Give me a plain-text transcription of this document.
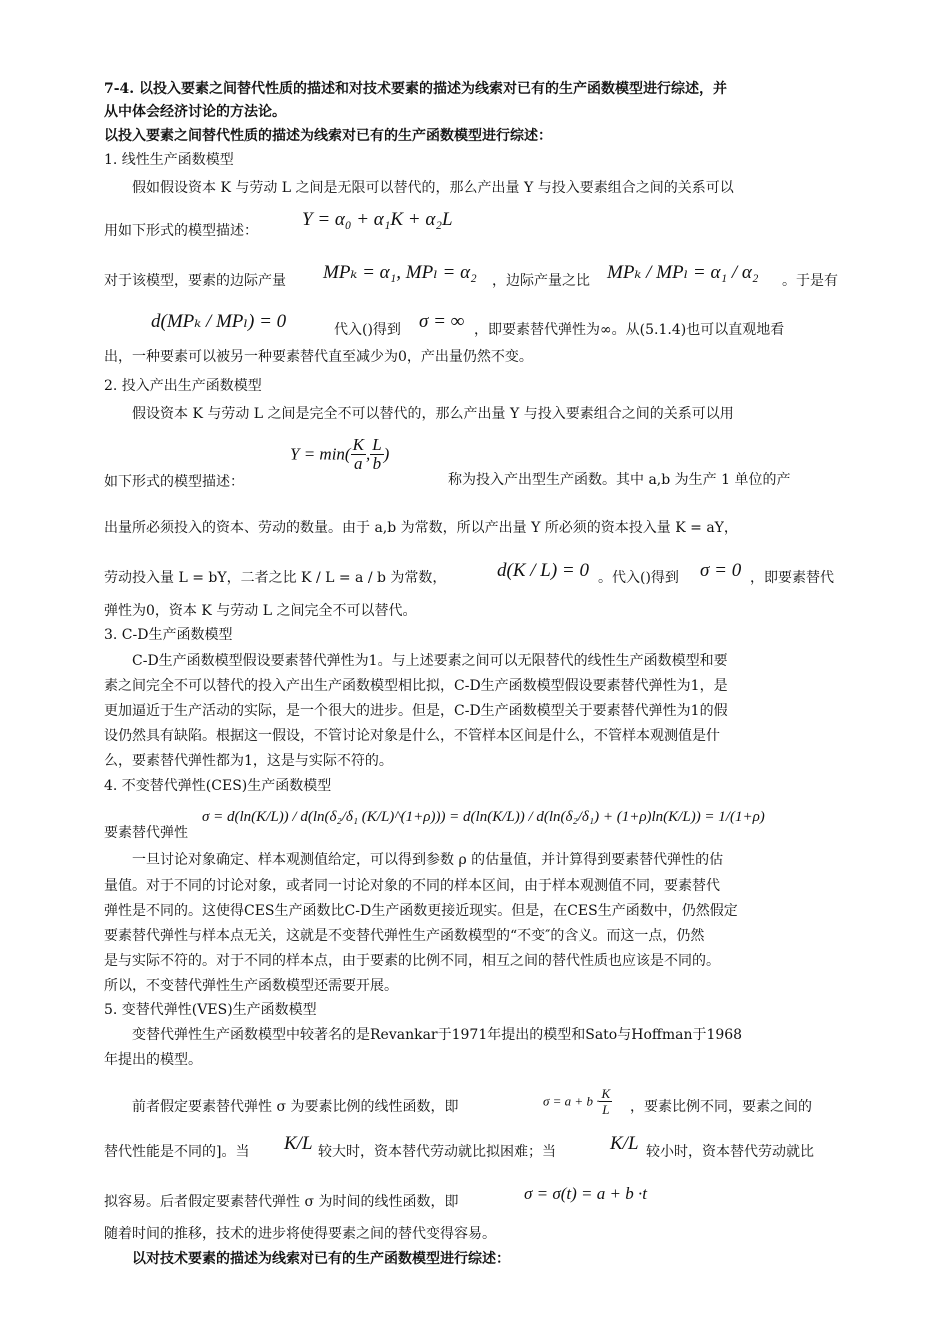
7-4. 以投入要素之间替代性质的描述和对技术要素的描述为线索对已有的生产函数模型进行综述，并
从中体会经济讨论的方法论。
以投入要素之间替代性质的描述为线索对已有的生产函数模型进行综述：
1. 线性生产函数模型
假如假设资本 K 与劳动 L 之间是无限可以替代的，那么产出量 Y 与投入要素组合之间的关系可以
用如下形式的模型描述：
Y = α₀ + α₁K + α₂L
对于该模型，要素的边际产量 MPₖ = α₁, MPₗ = α₂ ，边际产量之比 MPₖ / MPₗ = α₁ / α₂ 。于是有
d(MPₖ / MPₗ) = 0	代入()得到 σ = ∞ ，即要素替代弹性为∞。从(5.1.4)也可以直观地看
出，一种要素可以被另一种要素替代直至减少为0，产出量仍然不变。
2. 投入产出生产函数模型
假设资本 K 与劳动 L 之间是完全不可以替代的，那么产出量 Y 与投入要素组合之间的关系可以用
$Y = \min( \frac{K}{a}$ , $\frac{L}{b}$ )
如下形式的模型描述：	称为投入产出型生产函数。其中 a,b 为生产 1 单位的产
出量所必须投入的资本、劳动的数量。由于 a,b 为常数，所以产出量 Y 所必须的资本投入量 K = aY，
劳动投入量 L = bY，二者之比 K / L = a / b 为常数，	d(K / L) = 0 。代入()得到 σ = 0 ，即要素替代
弹性为0，资本 K 与劳动 L 之间完全不可以替代。
3. C-D生产函数模型
C-D生产函数模型假设要素替代弹性为1。与上述要素之间可以无限替代的线性生产函数模型和要
素之间完全不可以替代的投入产出生产函数模型相比拟，C-D生产函数模型假设要素替代弹性为1，是
更加逼近于生产活动的实际，是一个很大的进步。但是，C-D生产函数模型关于要素替代弹性为1的假
设仍然具有缺陷。根据这一假设，不管讨论对象是什么，不管样本区间是什么，不管样本观测值是什
么，要素替代弹性都为1，这是与实际不符的。
4. 不变替代弹性(CES)生产函数模型
要素替代弹性
σ = d(ln(K/L)) / d(ln(δ₂/δ₁ (K/L)^(1+ρ))) = d(ln(K/L)) / d(ln(δ₂/δ₁) + (1+ρ)ln(K/L)) = 1/(1+ρ)
一旦讨论对象确定、样本观测值给定，可以得到参数 ρ 的估量值，并计算得到要素替代弹性的估
量值。对于不同的讨论对象，或者同一讨论对象的不同的样本区间，由于样本观测值不同，要素替代
弹性是不同的。这使得CES生产函数比C-D生产函数更接近现实。但是，在CES生产函数中，仍然假定
要素替代弹性与样本点无关，这就是不变替代弹性生产函数模型的“不变″的含义。而这一点，仍然
是与实际不符的。对于不同的样本点，由于要素的比例不同，相互之间的替代性质也应该是不同的。
所以，不变替代弹性生产函数模型还需要开展。
5. 变替代弹性(VES)生产函数模型
变替代弹性生产函数模型中较著名的是Revankar于1971年提出的模型和Sato与Hoffman于1968
年提出的模型。
前者假定要素替代弹性 σ 为要素比例的线性函数，即	$\sigma = a + b \cdot \frac{K}{L}$ ，要素比例不同，要素之间的
替代性能是不同的]。当 K/L 较大时，资本替代劳动就比拟困难；当	K/L 较小时，资本替代劳动就比
拟容易。后者假定要素替代弹性 σ 为时间的线性函数，即	σ = σ(t) = a + b ·t
随着时间的推移，技术的进步将使得要素之间的替代变得容易。
以对技术要素的描述为线索对已有的生产函数模型进行综述：
